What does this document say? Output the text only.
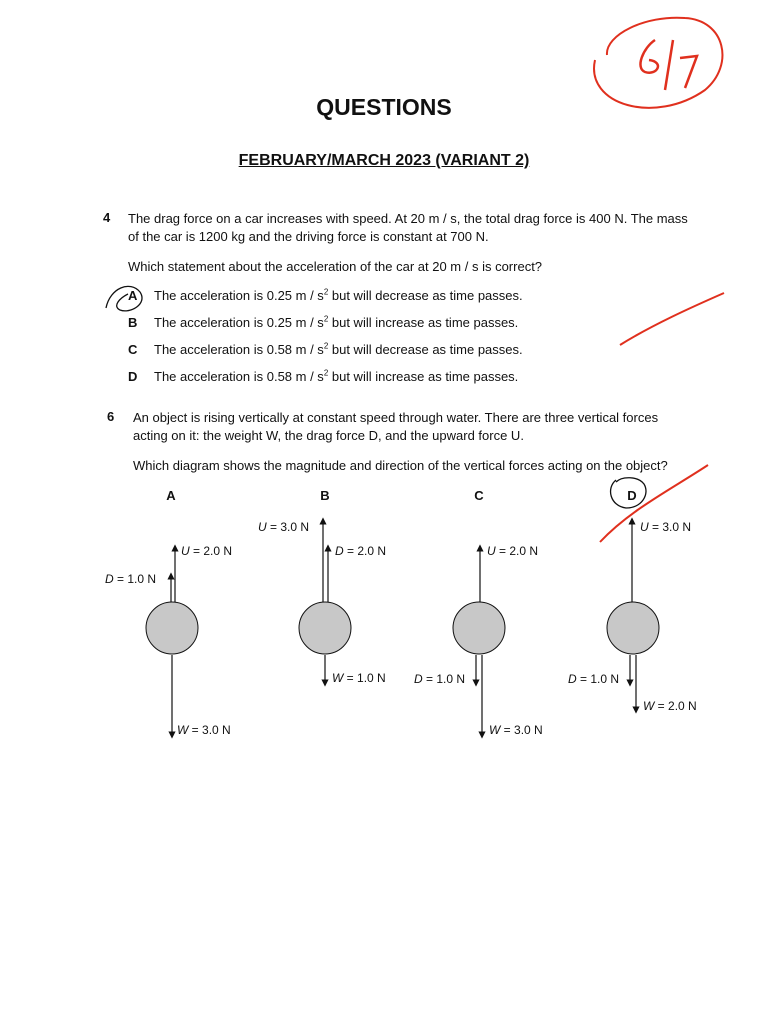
QUESTIONS
FEBRUARY/MARCH 2023 (VARIANT 2)
4 The drag force on a car increases with speed. At 20 m / s, the total drag force is 400 N. The mass
of the car is 1200 kg and the driving force is constant at 700 N.
Which statement about the acceleration of the car at 20 m / s is correct?
A	The acceleration is 0.25 m / $s^2$ but will decrease as time passes.
B	The acceleration is 0.25 m / $s^2$ but will increase as time passes.
C	The acceleration is 0.58 m / $s^2$ but will decrease as time passes.
D	The acceleration is 0.58 m / $s^2$ but will increase as time passes.
6 An object is rising vertically at constant speed through water. There are three vertical forces
acting on it: the weight W, the drag force D, and the upward force U.
Which diagram shows the magnitude and direction of the vertical forces acting on the object?
A	B	C	D
U = 2.0 N
D = 1.0 N
W = 3.0 N
U = 3.0 N
D = 2.0 N
W = 1.0 N
U = 2.0 N
D = 1.0 N
W = 3.0 N
U = 3.0 N
D = 1.0 N
W = 2.0 N
